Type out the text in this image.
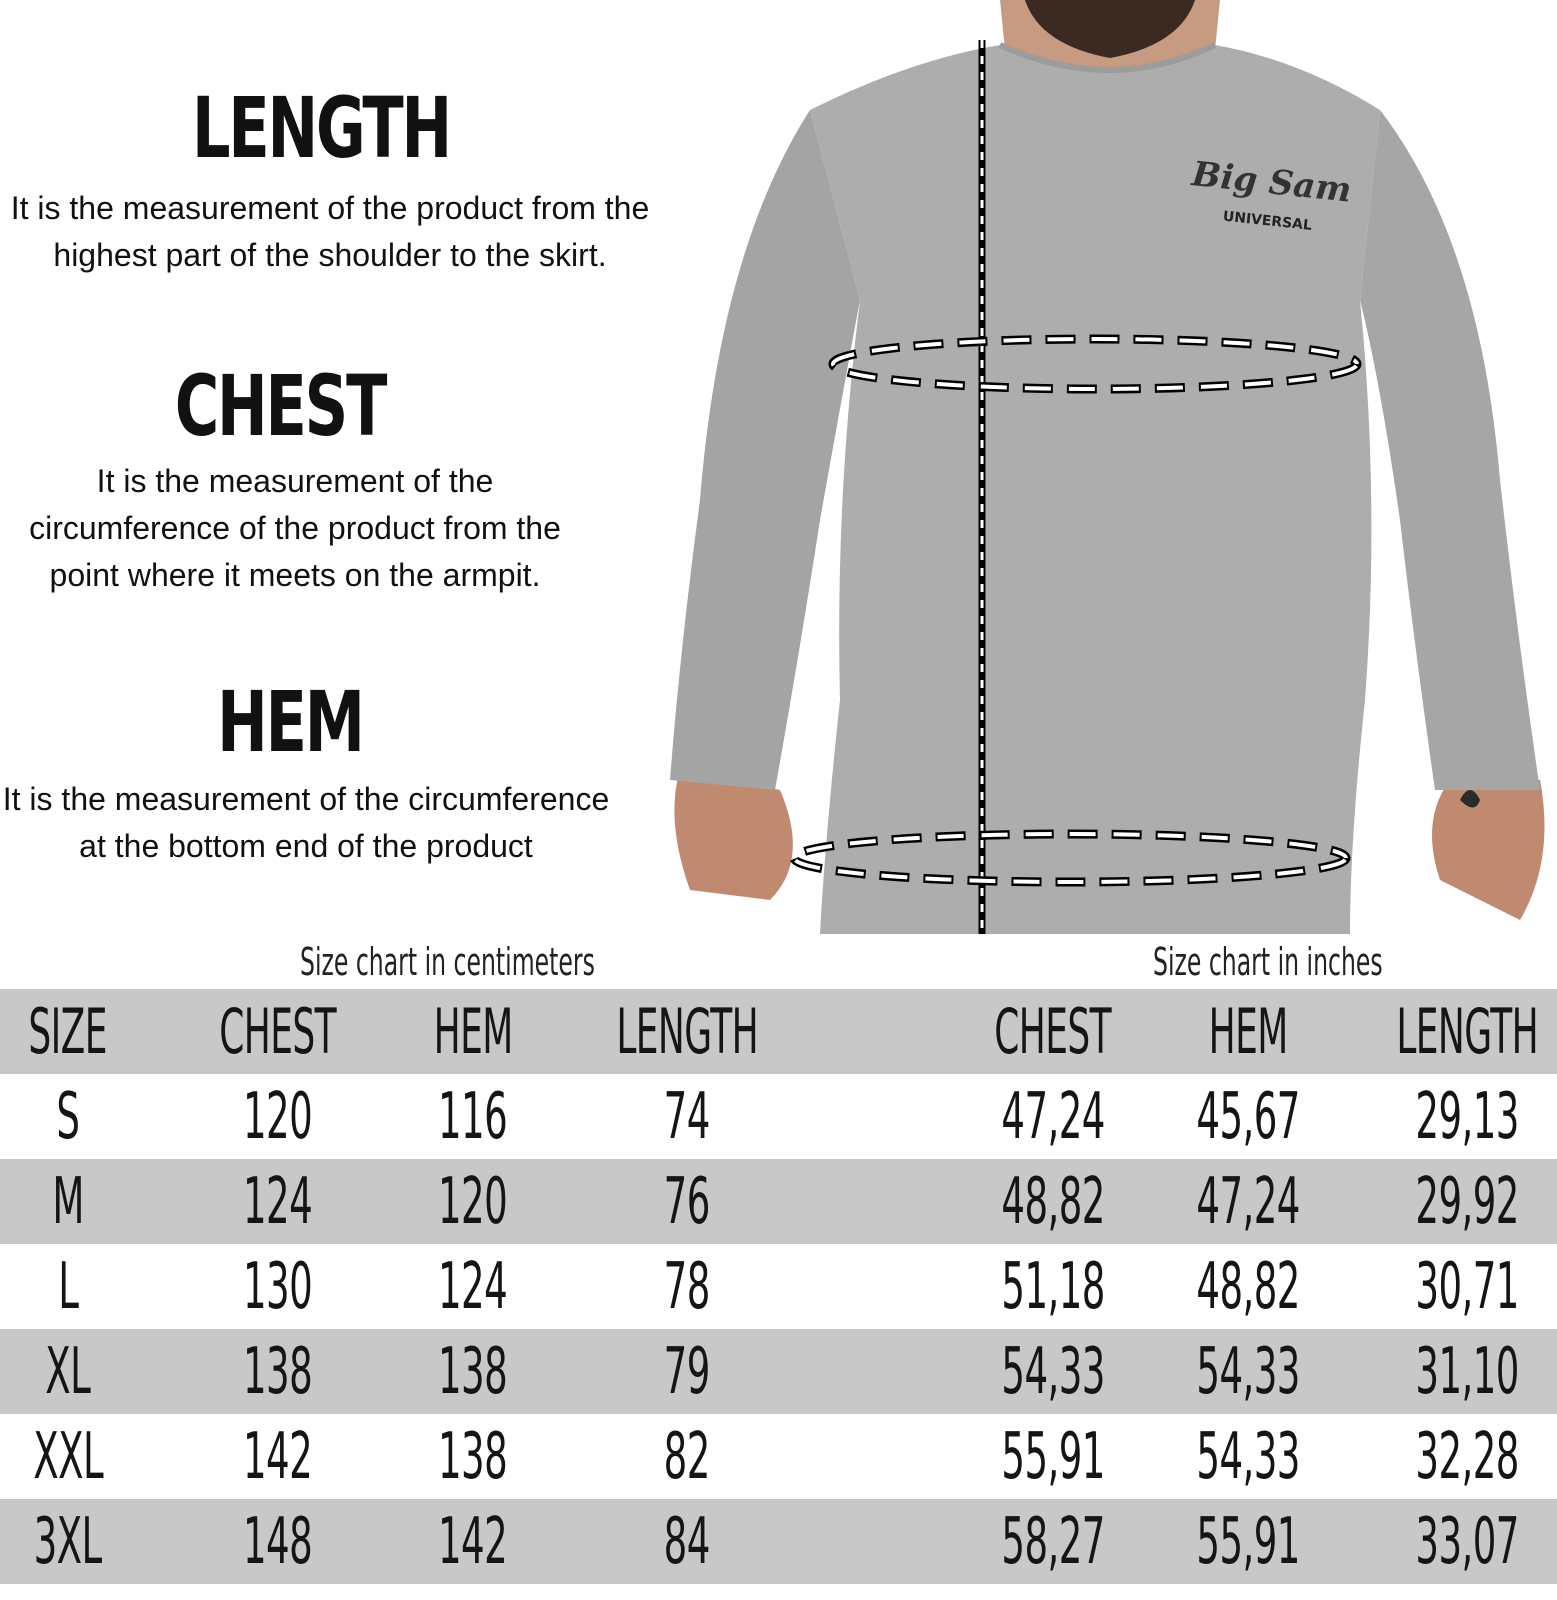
LENGTH
It is the measurement of the product from the
highest part of the shoulder to the skirt.
CHEST
It is the measurement of the
circumference of the product from the
point where it meets on the armpit.
HEM
It is the measurement of the circumference
at the bottom end of the product
Big Sam
UNIVERSAL
Size chart in centimeters	Size chart in inches
SIZE CHEST HEM LENGTH	CHEST HEM LENGTH
S	120 116 74	47,24 45,67 29,13
M 124 120 76	48,82 47,24 29,92
L	130 124 78	51,18 48,82 30,71
XL 138 138 79	54,33 54,33 31,10
XXL 142 138 82	55,91 54,33 32,28
3XL 148 142 84	58,27 55,91 33,07
